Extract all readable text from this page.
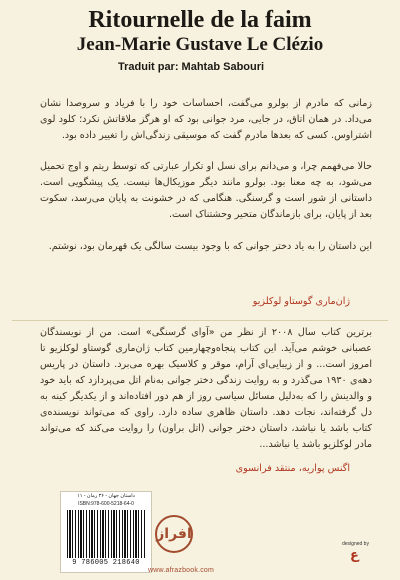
Ritournelle de la faim
Jean-Marie Gustave Le Clézio
Traduit par: Mahtab Sabouri

زمانی که مادرم از بولرو می‌گفت، احساسات خود را با فریاد و سروصدا نشان می‌داد. در همان اتاق، در جایی، مرد جوانی بود که او هرگز ملاقاتش نکرد؛ کلود لوی اشتراوس. کسی که بعدها مادرم گفت که موسیقی زندگی‌اش را تغییر داده بود.

حالا می‌فهمم چرا، و می‌دانم برای نسل او تکرار عبارتی که توسط ریتم و اوج تحمیل می‌شود، به چه معنا بود. بولرو مانند دیگر موزیکال‌ها نیست. یک پیشگویی است. داستانی از شور است و گرسنگی. هنگامی که در خشونت به پایان می‌رسد، سکوت بعد از پایان، برای بازماندگان متحیر وحشتناک است.

این داستان را به یاد دختر جوانی که با وجود بیست سالگی یک قهرمان بود، نوشتم.

ژان‌ماری گوستاو لوکلزیو

برترین کتاب سال ۲۰۰۸ از نظر من «آوای گرسنگی» است. من از نویسندگان عصبانی خوشم می‌آید. این کتاب پنجاه‌وچهارمین کتاب ژان‌ماری گوستاو لوکلزیو تا امروز است... و از زیبایی‌ای آرام، موقر و کلاسیک بهره می‌برد. داستان در پاریس دهه‌ی ۱۹۳۰ می‌گذرد و به روایت زندگی دختر جوانی به‌نام اتل می‌پردازد که باید خود و والدینش را که به‌دلیل مسائل سیاسی روز از هم دور افتاده‌اند و از یکدیگر کینه به دل گرفته‌اند، نجات دهد. داستان ظاهری ساده دارد. راوی که می‌تواند نویسنده‌ی کتاب باشد یا نباشد، داستان دختر جوانی (اتل براون) را روایت می‌کند که می‌تواند مادر لوکلزیو باشد یا نباشد...

اگنس پواریه، منتقد فرانسوی
داستان جهان - ۳۶ رمان - ۱۱
ISBN:978-600-5218-64-0
9 786005 218640
افراز
www.afrazbook.com
designed by
ع
